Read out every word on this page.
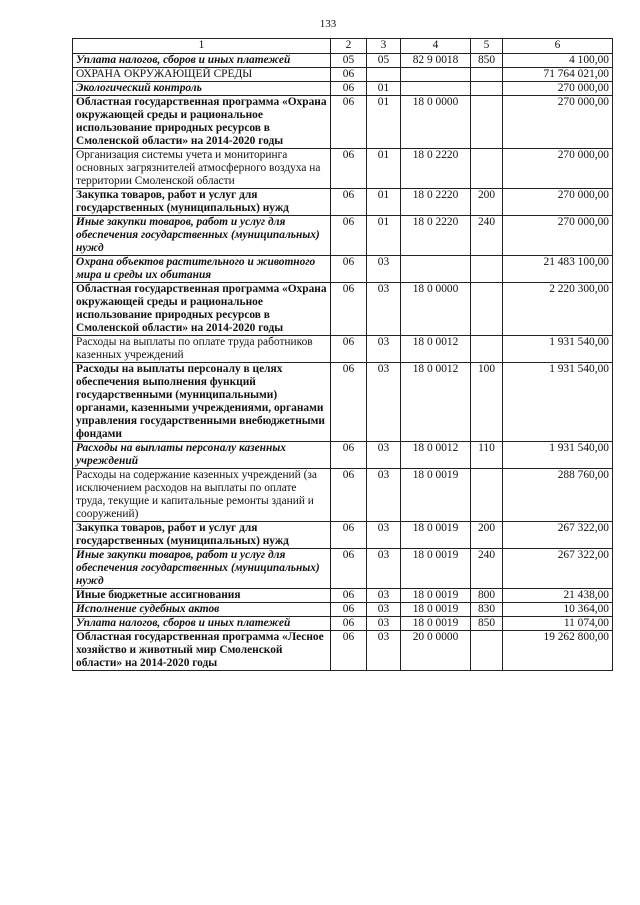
133
1	2	3	4	5	6
Уплата налогов, сборов и иных платежей	05	05	82 9 0018	850	4 100,00
ОХРАНА ОКРУЖАЮЩЕЙ СРЕДЫ	06				71 764 021,00
Экологический контроль	06	01			270 000,00
Областная государственная программа «Охрана окружающей среды и рациональное использование природных ресурсов в Смоленской области» на 2014-2020 годы	06	01	18 0 0000		270 000,00
Организация системы учета и мониторинга основных загрязнителей атмосферного воздуха на территории Смоленской области	06	01	18 0 2220		270 000,00
Закупка товаров, работ и услуг для государственных (муниципальных) нужд	06	01	18 0 2220	200	270 000,00
Иные закупки товаров, работ и услуг для обеспечения государственных (муниципальных) нужд	06	01	18 0 2220	240	270 000,00
Охрана объектов растительного и животного мира и среды их обитания	06	03			21 483 100,00
Областная государственная программа «Охрана окружающей среды и рациональное использование природных ресурсов в Смоленской области» на 2014-2020 годы	06	03	18 0 0000		2 220 300,00
Расходы на выплаты по оплате труда работников казенных учреждений	06	03	18 0 0012		1 931 540,00
Расходы на выплаты персоналу в целях обеспечения выполнения функций государственными (муниципальными) органами, казенными учреждениями, органами управления государственными внебюджетными фондами	06	03	18 0 0012	100	1 931 540,00
Расходы на выплаты персоналу казенных учреждений	06	03	18 0 0012	110	1 931 540,00
Расходы на содержание казенных учреждений (за исключением расходов на выплаты по оплате труда, текущие и капитальные ремонты зданий и сооружений)	06	03	18 0 0019		288 760,00
Закупка товаров, работ и услуг для государственных (муниципальных) нужд	06	03	18 0 0019	200	267 322,00
Иные закупки товаров, работ и услуг для обеспечения государственных (муниципальных) нужд	06	03	18 0 0019	240	267 322,00
Иные бюджетные ассигнования	06	03	18 0 0019	800	21 438,00
Исполнение судебных актов	06	03	18 0 0019	830	10 364,00
Уплата налогов, сборов и иных платежей	06	03	18 0 0019	850	11 074,00
Областная государственная программа «Лесное хозяйство и животный мир Смоленской области» на 2014-2020 годы	06	03	20 0 0000		19 262 800,00
